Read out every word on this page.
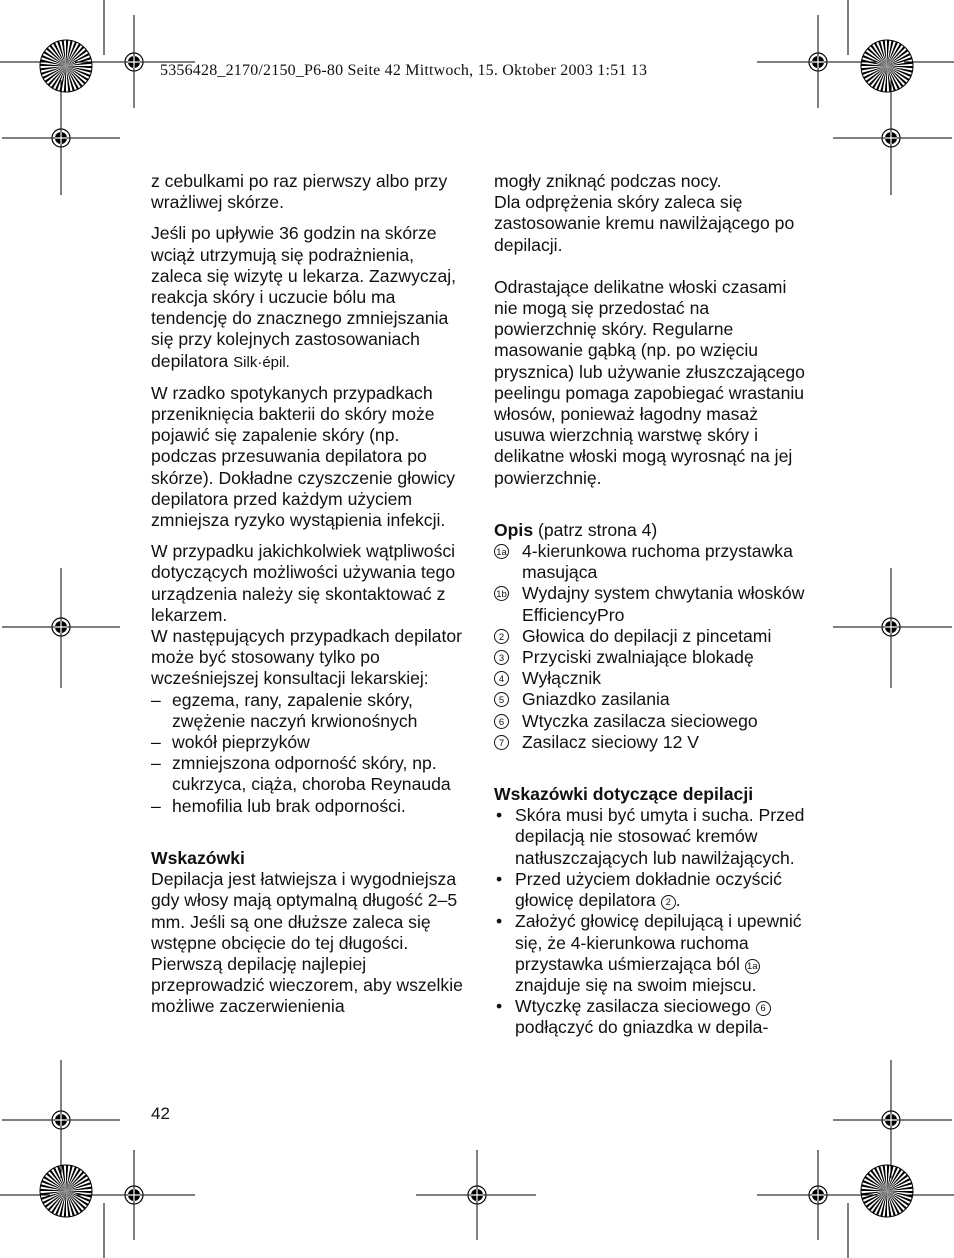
5356428_2170/2150_P6-80 Seite 42 Mittwoch, 15. Oktober 2003 1:51 13

z cebulkami po raz pierwszy albo przy wrażliwej skórze.

Jeśli po upływie 36 godzin na skórze wciąż utrzymują się podrażnienia, zaleca się wizytę u lekarza. Zazwyczaj, reakcja skóry i uczucie bólu ma tendencję do znacznego zmniejszania się przy kolejnych zastosowaniach depilatora Silk·épil.

W rzadko spotykanych przypadkach przeniknięcia bakterii do skóry może pojawić się zapalenie skóry (np. podczas przesuwania depilatora po skórze). Dokładne czyszczenie głowicy depilatora przed każdym użyciem zmniejsza ryzyko wystąpienia infekcji.

W przypadku jakichkolwiek wątpliwości dotyczących możliwości używania tego urządzenia należy się skontaktować z lekarzem.

W następujących przypadkach depilator może być stosowany tylko po wcześniejszej konsultacji lekarskiej:

– egzema, rany, zapalenie skóry, zwężenie naczyń krwionośnych
– wokół pieprzyków
– zmniejszona odporność skóry, np. cukrzyca, ciąża, choroba Reynauda
– hemofilia lub brak odporności.

Wskazówki

Depilacja jest łatwiejsza i wygodniejsza gdy włosy mają optymalną długość 2–5 mm. Jeśli są one dłuższe zaleca się wstępne obcięcie do tej długości.

Pierwszą depilację najlepiej przeprowadzić wieczorem, aby wszelkie możliwe zaczerwienienia

mogły zniknąć podczas nocy.

Dla odprężenia skóry zaleca się zastosowanie kremu nawilżającego po depilacji.

Odrastające delikatne włoski czasami nie mogą się przedostać na powierzchnię skóry. Regularne masowanie gąbką (np. po wzięciu prysznica) lub używanie złuszczającego peelingu pomaga zapobiegać wrastaniu włosów, ponieważ łagodny masaż usuwa wierzchnią warstwę skóry i delikatne włoski mogą wyrosnąć na jej powierzchnię.

Opis (patrz strona 4)

1a 4-kierunkowa ruchoma przystawka masująca
1b Wydajny system chwytania włosków EfficiencyPro
2 Głowica do depilacji z pincetami
3 Przyciski zwalniające blokadę
4 Wyłącznik
5 Gniazdko zasilania
6 Wtyczka zasilacza sieciowego
7 Zasilacz sieciowy 12 V

Wskazówki dotyczące depilacji

• Skóra musi być umyta i sucha. Przed depilacją nie stosować kremów natłuszczających lub nawilżających.
• Przed użyciem dokładnie oczyścić głowicę depilatora 2 .
• Założyć głowicę depilującą i upewnić się, że 4-kierunkowa ruchoma przystawka uśmierzająca ból 1a znajduje się na swoim miejscu.
• Wtyczkę zasilacza sieciowego 6 podłączyć do gniazdka w depila-
42
